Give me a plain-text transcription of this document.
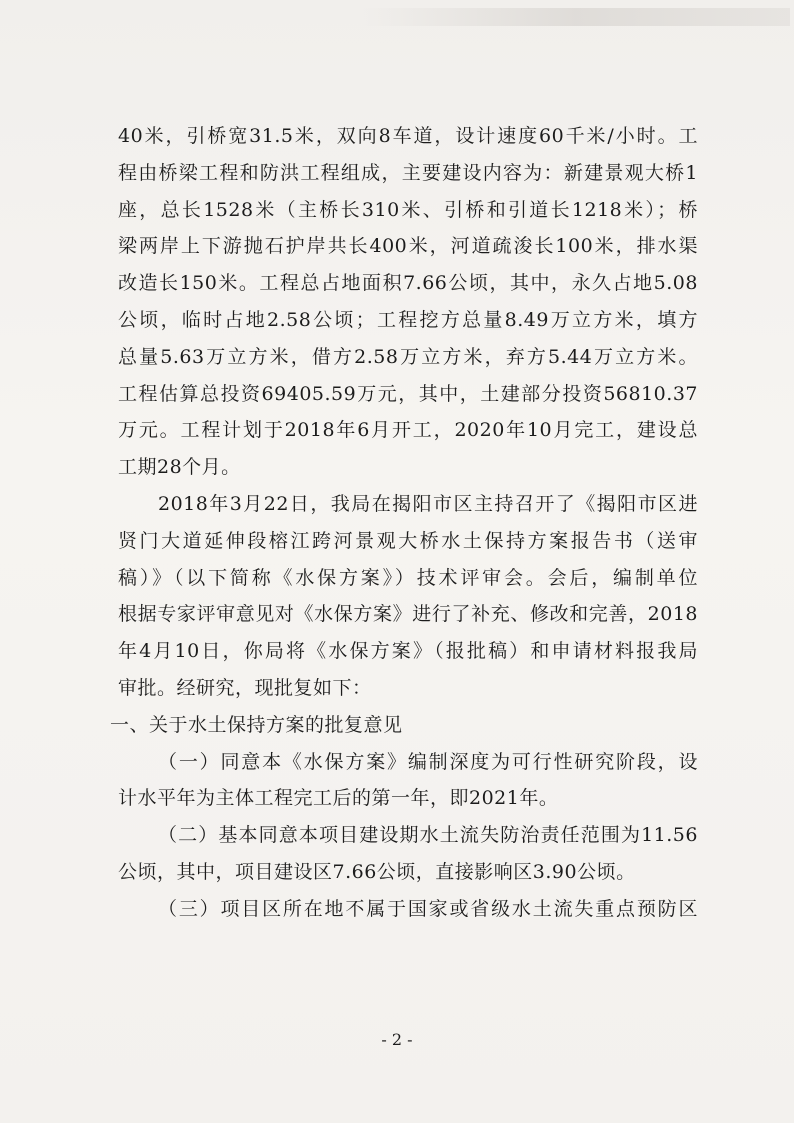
40米，引桥宽31.5米，双向8车道，设计速度60千米/小时。工
程由桥梁工程和防洪工程组成，主要建设内容为：新建景观大桥1
座，总长1528米（主桥长310米、引桥和引道长1218米）；桥
梁两岸上下游抛石护岸共长400米，河道疏浚长100米，排水渠
改造长150米。工程总占地面积7.66公顷，其中，永久占地5.08
公顷，临时占地2.58公顷；工程挖方总量8.49万立方米，填方
总量5.63万立方米，借方2.58万立方米，弃方5.44万立方米。
工程估算总投资69405.59万元，其中，土建部分投资56810.37
万元。工程计划于2018年6月开工，2020年10月完工，建设总
工期28个月。
2018年3月22日，我局在揭阳市区主持召开了《揭阳市区进
贤门大道延伸段榕江跨河景观大桥水土保持方案报告书（送审
稿）》（以下简称《水保方案》）技术评审会。会后，编制单位
根据专家评审意见对《水保方案》进行了补充、修改和完善，2018
年4月10日，你局将《水保方案》（报批稿）和申请材料报我局
审批。经研究，现批复如下：
一、关于水土保持方案的批复意见
（一）同意本《水保方案》编制深度为可行性研究阶段，设
计水平年为主体工程完工后的第一年，即2021年。
（二）基本同意本项目建设期水土流失防治责任范围为11.56
公顷，其中，项目建设区7.66公顷，直接影响区3.90公顷。
（三）项目区所在地不属于国家或省级水土流失重点预防区
- 2 -
